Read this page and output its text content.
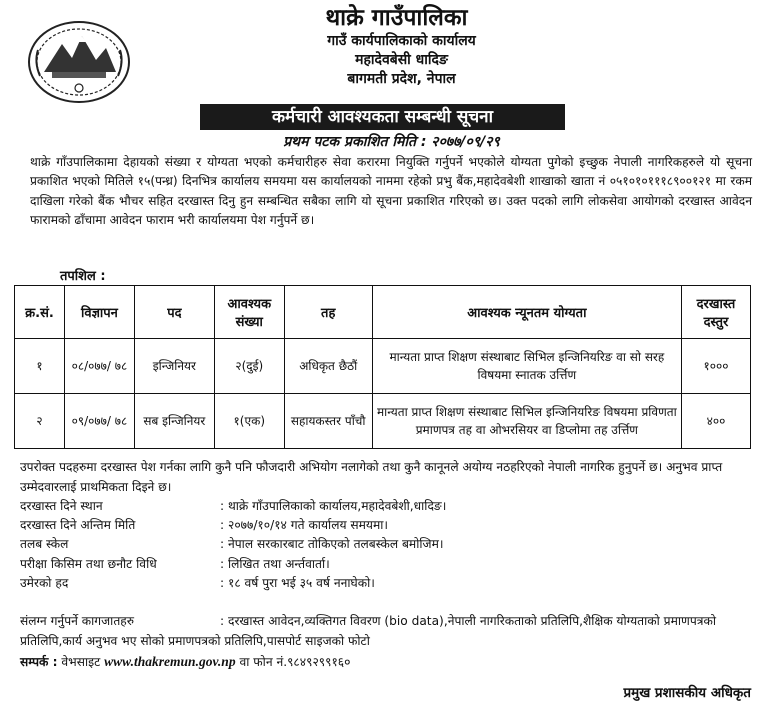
थाक्रे गाउँपालिका
गाउँ कार्यपालिकाको कार्यालय
महादेवबेसी धादिङ
बागमती प्रदेश, नेपाल
कर्मचारी आवश्यकता सम्बन्धी सूचना
प्रथम पटक प्रकाशित मिति : २०७७/०९/२९
थाक्रे गाँउपालिकामा देहायको संख्या र योग्यता भएको कर्मचारीहरु सेवा करारमा नियुक्ति गर्नुपर्ने भएकोले योग्यता पुगेको इच्छुक नेपाली नागरिकहरुले यो सूचना प्रकाशित भएको मितिले १५(पन्ध्र) दिनभित्र कार्यालय समयमा यस कार्यालयको नाममा रहेको प्रभु बैंक,महादेवबेशी शाखाको खाता नं ०५१०१०१११८९००१२१ मा रकम दाखिला गरेको बैंक भौचर सहित दरखास्त दिनु हुन सम्बन्धित सबैका लागि यो सूचना प्रकाशित गरिएको छ। उक्त पदको लागि लोकसेवा आयोगको दरखास्त आवेदन फारामको ढाँचामा आवेदन फाराम भरी कार्यालयमा पेश गर्नुपर्ने छ।
तपशिल :
क्र.सं.	विज्ञापन	पद	आवश्यक संख्या	तह	आवश्यक न्यूनतम योग्यता	दरखास्त दस्तुर
१	०८/०७७/ ७८	इन्जिनियर	२(दुई)	अधिकृत छैठौं	मान्यता प्राप्त शिक्षण संस्थाबाट सिभिल इन्जिनियरिङ वा सो सरह विषयमा स्नातक उर्त्तिण	१०००
२	०९/०७७/ ७८	सब इन्जिनियर	१(एक)	सहायकस्तर पाँचौ	मान्यता प्राप्त शिक्षण संस्थाबाट सिभिल इन्जिनियरिङ विषयमा प्रविणता प्रमाणपत्र तह वा ओभरसियर वा डिप्लोमा तह उर्त्तिण	४००
उपरोक्त पदहरुमा दरखास्त पेश गर्नका लागि कुनै पनि फौजदारी अभियोग नलागेको तथा कुनै कानूनले अयोग्य नठहरिएको नेपाली नागरिक हुनुपर्ने छ। अनुभव प्राप्त उम्मेदवारलाई प्राथमिकता दिइने छ।
दरखास्त दिने स्थान	: थाक्रे गाँउपालिकाको कार्यालय,महादेवबेशी,धादिङ।
दरखास्त दिने अन्तिम मिति	: २०७७/१०/१४ गते कार्यालय समयमा।
तलब स्केल	: नेपाल सरकारबाट तोकिएको तलबस्केल बमोजिम।
परीक्षा किसिम तथा छनौट विधि	: लिखित तथा अर्न्तवार्ता।
उमेरको हद	: १८ वर्ष पुरा भई ३५ वर्ष ननाघेको।
संलग्न गर्नुपर्ने कागजातहरु	: दरखास्त आवेदन,व्यक्तिगत विवरण (bio data),नेपाली नागरिकताको प्रतिलिपि,शैक्षिक योग्यताको प्रमाणपत्रको प्रतिलिपि,कार्य अनुभव भए सोको प्रमाणपत्रको प्रतिलिपि,पासपोर्ट साइजको फोटो
सम्पर्क : वेभसाइट www.thakremun.gov.np वा फोन नं.९८४९२९९१६०
प्रमुख प्रशासकीय अधिकृत
